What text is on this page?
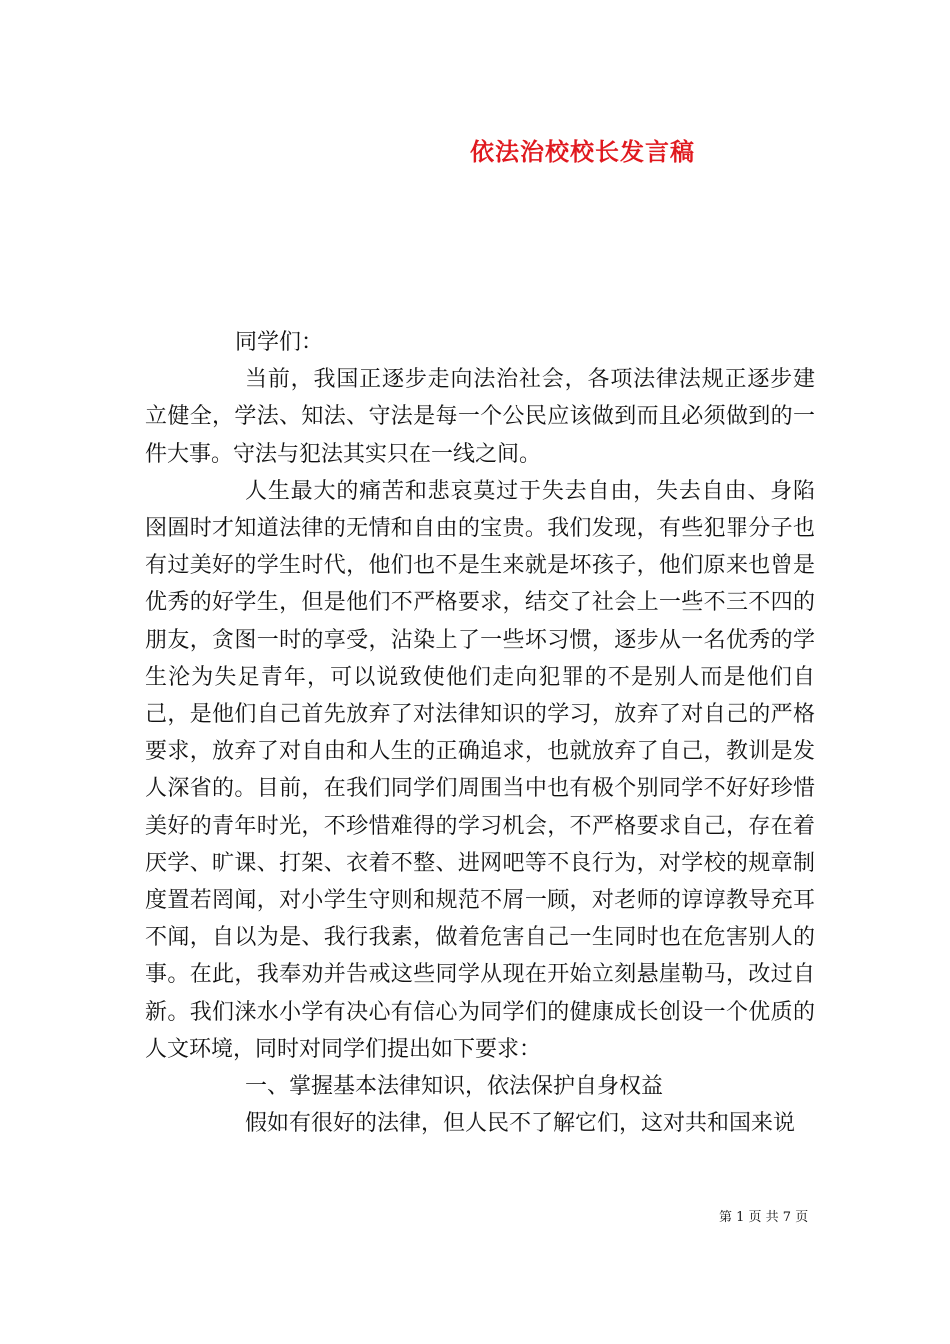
依法治校校长发言稿

同学们：

当前，我国正逐步走向法治社会，各项法律法规正逐步建立健全，学法、知法、守法是每一个公民应该做到而且必须做到的一件大事。守法与犯法其实只在一线之间。

人生最大的痛苦和悲哀莫过于失去自由，失去自由、身陷囹圄时才知道法律的无情和自由的宝贵。我们发现，有些犯罪分子也有过美好的学生时代，他们也不是生来就是坏孩子，他们原来也曾是优秀的好学生，但是他们不严格要求，结交了社会上一些不三不四的朋友，贪图一时的享受，沾染上了一些坏习惯，逐步从一名优秀的学生沦为失足青年，可以说致使他们走向犯罪的不是别人而是他们自己，是他们自己首先放弃了对法律知识的学习，放弃了对自己的严格要求，放弃了对自由和人生的正确追求，也就放弃了自己，教训是发人深省的。目前，在我们同学们周围当中也有极个别同学不好好珍惜美好的青年时光，不珍惜难得的学习机会，不严格要求自己，存在着厌学、旷课、打架、衣着不整、进网吧等不良行为，对学校的规章制度置若罔闻，对小学生守则和规范不屑一顾，对老师的谆谆教导充耳不闻，自以为是、我行我素，做着危害自己一生同时也在危害别人的事。在此，我奉劝并告戒这些同学从现在开始立刻悬崖勒马，改过自新。我们涞水小学有决心有信心为同学们的健康成长创设一个优质的人文环境，同时对同学们提出如下要求：

一、掌握基本法律知识，依法保护自身权益

假如有很好的法律，但人民不了解它们，这对共和国来说

第 1 页 共 7 页
